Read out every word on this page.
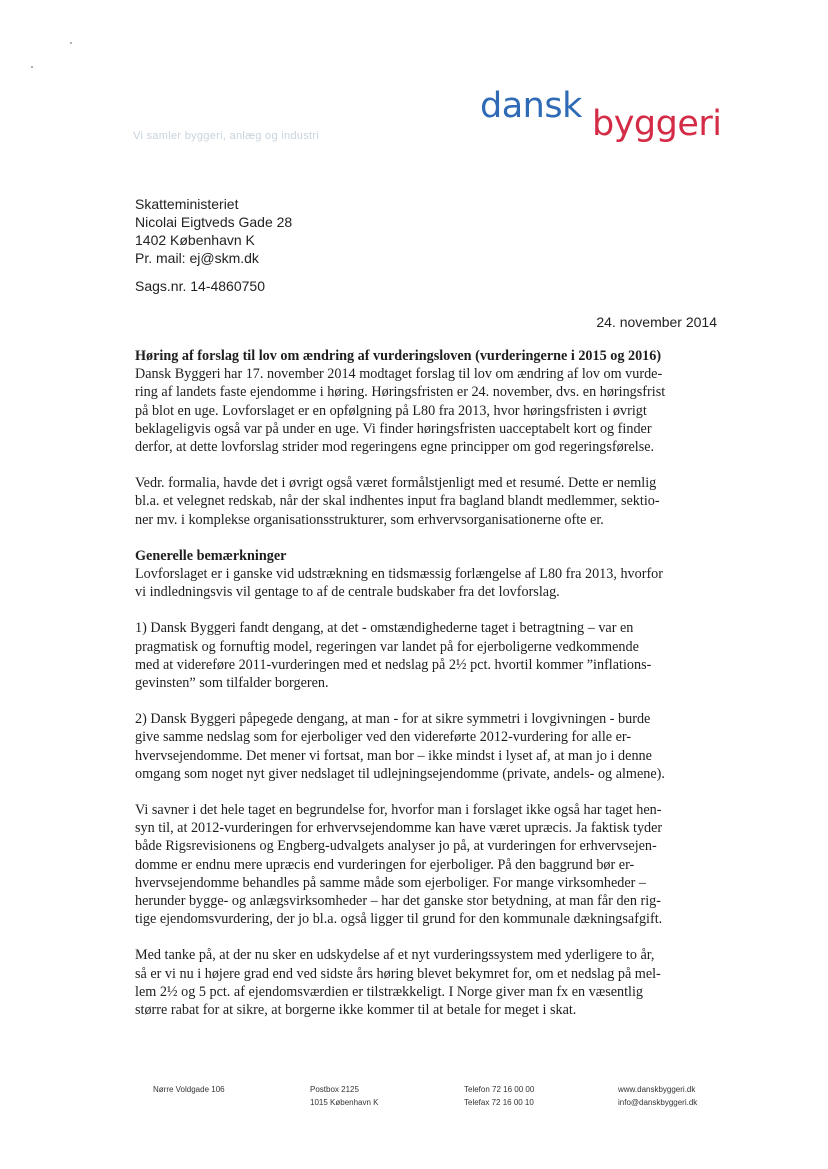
Vi samler byggeri, anlæg og industri
dansk byggeri
Skatteministeriet
Nicolai Eigtveds Gade 28
1402 København K
Pr. mail: ej@skm.dk
Sags.nr. 14-4860750
24. november 2014
Høring af forslag til lov om ændring af vurderingsloven (vurderingerne i 2015 og 2016)
Dansk Byggeri har 17. november 2014 modtaget forslag til lov om ændring af lov om vurde-
ring af landets faste ejendomme i høring. Høringsfristen er 24. november, dvs. en høringsfrist
på blot en uge. Lovforslaget er en opfølgning på L80 fra 2013, hvor høringsfristen i øvrigt
beklageligvis også var på under en uge. Vi finder høringsfristen uacceptabelt kort og finder
derfor, at dette lovforslag strider mod regeringens egne principper om god regeringsførelse.
Vedr. formalia, havde det i øvrigt også været formålstjenligt med et resumé. Dette er nemlig
bl.a. et velegnet redskab, når der skal indhentes input fra bagland blandt medlemmer, sektio-
ner mv. i komplekse organisationsstrukturer, som erhvervsorganisationerne ofte er.
Generelle bemærkninger
Lovforslaget er i ganske vid udstrækning en tidsmæssig forlængelse af L80 fra 2013, hvorfor
vi indledningsvis vil gentage to af de centrale budskaber fra det lovforslag.
1) Dansk Byggeri fandt dengang, at det - omstændighederne taget i betragtning – var en
pragmatisk og fornuftig model, regeringen var landet på for ejerboligerne vedkommende
med at videreføre 2011-vurderingen med et nedslag på 2½ pct. hvortil kommer ”inflations-
gevinsten” som tilfalder borgeren.
2) Dansk Byggeri påpegede dengang, at man - for at sikre symmetri i lovgivningen - burde
give samme nedslag som for ejerboliger ved den videreførte 2012-vurdering for alle er-
hvervsejendomme. Det mener vi fortsat, man bor – ikke mindst i lyset af, at man jo i denne
omgang som noget nyt giver nedslaget til udlejningsejendomme (private, andels- og almene).
Vi savner i det hele taget en begrundelse for, hvorfor man i forslaget ikke også har taget hen-
syn til, at 2012-vurderingen for erhvervsejendomme kan have været upræcis. Ja faktisk tyder
både Rigsrevisionens og Engberg-udvalgets analyser jo på, at vurderingen for erhvervsejen-
domme er endnu mere upræcis end vurderingen for ejerboliger. På den baggrund bør er-
hvervsejendomme behandles på samme måde som ejerboliger. For mange virksomheder –
herunder bygge- og anlægsvirksomheder – har det ganske stor betydning, at man får den rig-
tige ejendomsvurdering, der jo bl.a. også ligger til grund for den kommunale dækningsafgift.
Med tanke på, at der nu sker en udskydelse af et nyt vurderingssystem med yderligere to år,
så er vi nu i højere grad end ved sidste års høring blevet bekymret for, om et nedslag på mel-
lem 2½ og 5 pct. af ejendomsværdien er tilstrækkeligt. I Norge giver man fx en væsentlig
større rabat for at sikre, at borgerne ikke kommer til at betale for meget i skat.
Nørre Voldgade 106	Postbox 2125
1015 København K
Telefon 72 16 00 00
Telefax 72 16 00 10
www.danskbyggeri.dk
info@danskbyggeri.dk
